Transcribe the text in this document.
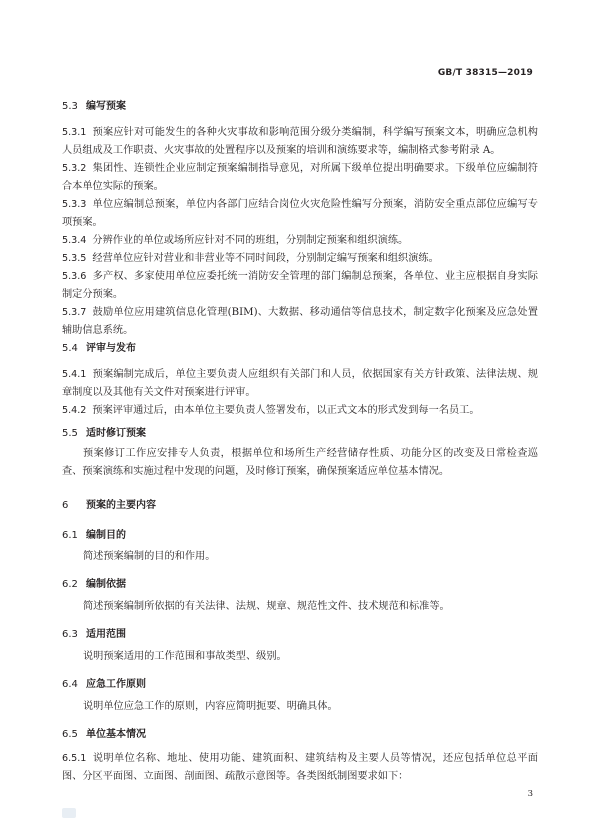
GB/T 38315—2019
5.3 编写预案
5.3.1 预案应针对可能发生的各种火灾事故和影响范围分级分类编制，科学编写预案文本，明确应急机构人员组成及工作职责、火灾事故的处置程序以及预案的培训和演练要求等，编制格式参考附录 A。
5.3.2 集团性、连锁性企业应制定预案编制指导意见，对所属下级单位提出明确要求。下级单位应编制符合本单位实际的预案。
5.3.3 单位应编制总预案，单位内各部门应结合岗位火灾危险性编写分预案，消防安全重点部位应编写专项预案。
5.3.4 分辨作业的单位或场所应针对不同的班组，分别制定预案和组织演练。
5.3.5 经营单位应针对营业和非营业等不同时间段，分别制定编写预案和组织演练。
5.3.6 多产权、多家使用单位应委托统一消防安全管理的部门编制总预案，各单位、业主应根据自身实际制定分预案。
5.3.7 鼓励单位应用建筑信息化管理(BIM)、大数据、移动通信等信息技术，制定数字化预案及应急处置辅助信息系统。
5.4 评审与发布
5.4.1 预案编制完成后，单位主要负责人应组织有关部门和人员，依据国家有关方针政策、法律法规、规章制度以及其他有关文件对预案进行评审。
5.4.2 预案评审通过后，由本单位主要负责人签署发布，以正式文本的形式发到每一名员工。
5.5 适时修订预案
预案修订工作应安排专人负责，根据单位和场所生产经营储存性质、功能分区的改变及日常检查巡查、预案演练和实施过程中发现的问题，及时修订预案，确保预案适应单位基本情况。
6 预案的主要内容
6.1 编制目的
简述预案编制的目的和作用。
6.2 编制依据
简述预案编制所依据的有关法律、法规、规章、规范性文件、技术规范和标准等。
6.3 适用范围
说明预案适用的工作范围和事故类型、级别。
6.4 应急工作原则
说明单位应急工作的原则，内容应简明扼要、明确具体。
6.5 单位基本情况
6.5.1 说明单位名称、地址、使用功能、建筑面积、建筑结构及主要人员等情况，还应包括单位总平面图、分区平面图、立面图、剖面图、疏散示意图等。各类图纸制图要求如下：
3
